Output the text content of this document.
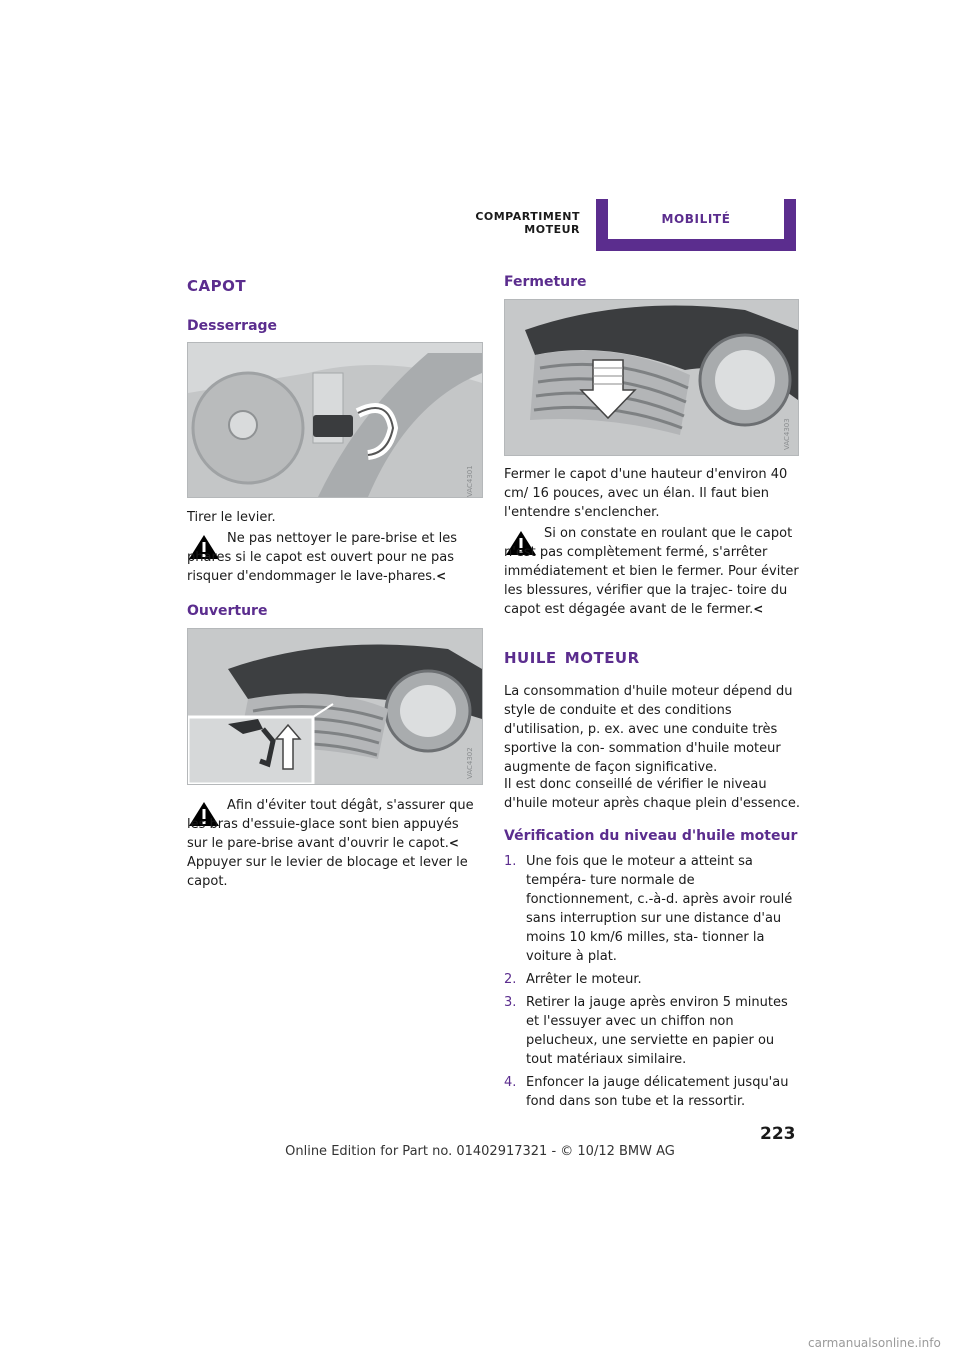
COMPARTIMENT MOTEUR
MOBILITÉ
capot
Desserrage
VAC4301
Tirer le levier.
Ne pas nettoyer le pare-brise et les phares si le capot est ouvert pour ne pas risquer d'endommager le lave-phares.<
Ouverture
VAC4302
Afin d'éviter tout dégât, s'assurer que les bras d'essuie-glace sont bien appuyés sur le pare-brise avant d'ouvrir le capot.<
Appuyer sur le levier de blocage et lever le capot.
Fermeture
VAC4303
Fermer le capot d'une hauteur d'environ 40 cm/ 16 pouces, avec un élan. Il faut bien l'entendre s'enclencher.
Si on constate en roulant que le capot n'est pas complètement fermé, s'arrêter immédiatement et bien le fermer. Pour éviter les blessures, vérifier que la trajec- toire du capot est dégagée avant de le fermer.<
huile moteur
La consommation d'huile moteur dépend du style de conduite et des conditions d'utilisation, p. ex. avec une conduite très sportive la con- sommation d'huile moteur augmente de façon significative.
Il est donc conseillé de vérifier le niveau d'huile moteur après chaque plein d'essence.
Vérification du niveau d'huile moteur
1. Une fois que le moteur a atteint sa tempéra- ture normale de fonctionnement, c.-à-d. après avoir roulé sans interruption sur une distance d'au moins 10 km/6 milles, sta- tionner la voiture à plat.
2. Arrêter le moteur.
3. Retirer la jauge après environ 5 minutes et l'essuyer avec un chiffon non pelucheux, une serviette en papier ou tout matériaux similaire.
4. Enfoncer la jauge délicatement jusqu'au fond dans son tube et la ressortir.
223
Online Edition for Part no. 01402917321 - © 10/12 BMW AG
carmanualsonline.info
